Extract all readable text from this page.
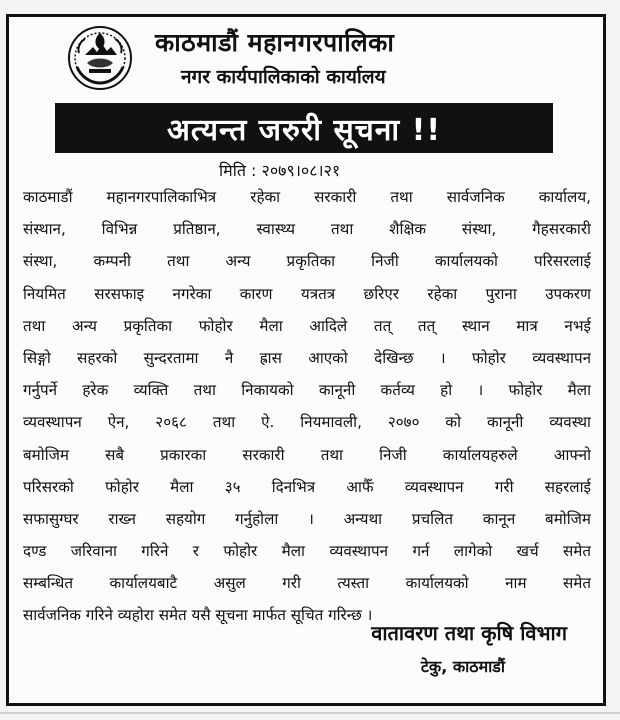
काठमाडौं महानगरपालिका
नगर कार्यपालिकाको कार्यालय
अत्यन्त जरुरी सूचना !!
मिति : २०७९।०८।२१
काठमाडौं महानगरपालिकाभित्र रहेका सरकारी तथा सार्वजनिक कार्यालय,
संस्थान, विभिन्न प्रतिष्ठान, स्वास्थ्य तथा शैक्षिक संस्था, गैहसरकारी
संस्था, कम्पनी तथा अन्य प्रकृतिका निजी कार्यालयको परिसरलाई
नियमित सरसफाइ नगरेका कारण यत्रतत्र छरिएर रहेका पुराना उपकरण
तथा अन्य प्रकृतिका फोहोर मैला आदिले तत् तत् स्थान मात्र नभई
सिङ्गो सहरको सुन्दरतामा नै ह्रास आएको देखिन्छ । फोहोर व्यवस्थापन
गर्नुपर्ने हरेक व्यक्ति तथा निकायको कानूनी कर्तव्य हो । फोहोर मैला
व्यवस्थापन ऐन, २०६८ तथा ऐ. नियमावली, २०७० को कानूनी व्यवस्था
बमोजिम सबै प्रकारका सरकारी तथा निजी कार्यालयहरुले आफ्नो
परिसरको फोहोर मैला ३५ दिनभित्र आफैँ व्यवस्थापन गरी सहरलाई
सफासुग्घर राख्न सहयोग गर्नुहोला । अन्यथा प्रचलित कानून बमोजिम
दण्ड जरिवाना गरिने र फोहोर मैला व्यवस्थापन गर्न लागेको खर्च समेत
सम्बन्धित कार्यालयबाटै असुल गरी त्यस्ता कार्यालयको नाम समेत
सार्वजनिक गरिने व्यहोरा समेत यसै सूचना मार्फत सूचित गरिन्छ ।
वातावरण तथा कृषि विभाग
टेकु, काठमाडौं
